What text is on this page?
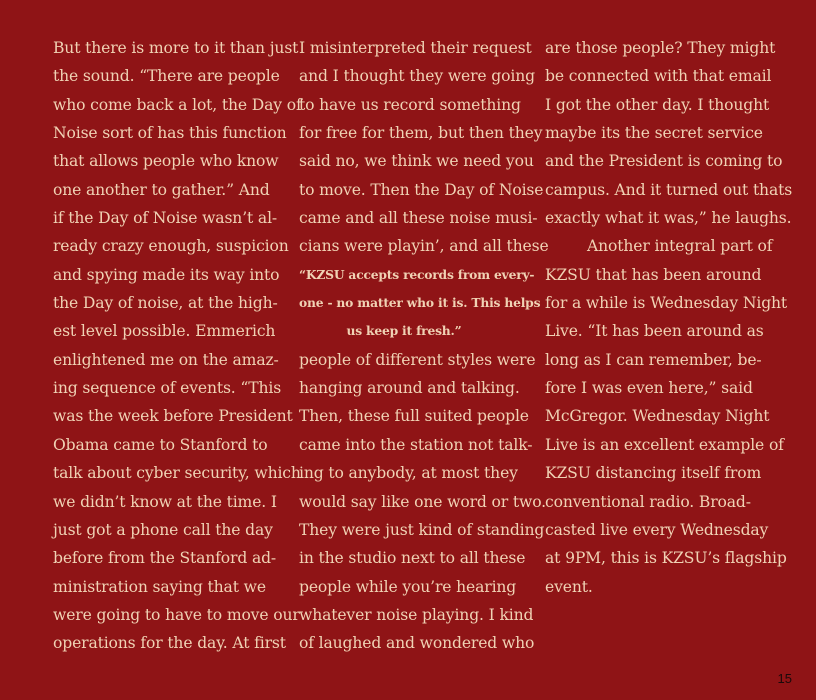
But there is more to it than just
the sound. “There are people
who come back a lot, the Day of
Noise sort of has this function
that allows people who know
one another to gather.” And
if the Day of Noise wasn’t al-
ready crazy enough, suspicion
and spying made its way into
the Day of noise, at the high-
est level possible. Emmerich
enlightened me on the amaz-
ing sequence of events. “This
was the week before President
Obama came to Stanford to
talk about cyber security, which
we didn’t know at the time. I
just got a phone call the day
before from the Stanford ad-
ministration saying that we
were going to have to move our
operations for the day. At first
I misinterpreted their request
and I thought they were going
to have us record something
for free for them, but then they
said no, we think we need you
to move. Then the Day of Noise
came and all these noise musi-
cians were playin’, and all these
“KZSU accepts records from every-
one - no matter who it is. This helps
us keep it fresh.”
people of different styles were
hanging around and talking.
Then, these full suited people
came into the station not talk-
ing to anybody, at most they
would say like one word or two.
They were just kind of standing
in the studio next to all these
people while you’re hearing
whatever noise playing. I kind
of laughed and wondered who
are those people? They might
be connected with that email
I got the other day. I thought
maybe its the secret service
and the President is coming to
campus. And it turned out thats
exactly what it was,” he laughs.
Another integral part of
KZSU that has been around
for a while is Wednesday Night
Live. “It has been around as
long as I can remember, be-
fore I was even here,” said
McGregor. Wednesday Night
Live is an excellent example of
KZSU distancing itself from
conventional radio. Broad-
casted live every Wednesday
at 9PM, this is KZSU’s flagship
event.
15
